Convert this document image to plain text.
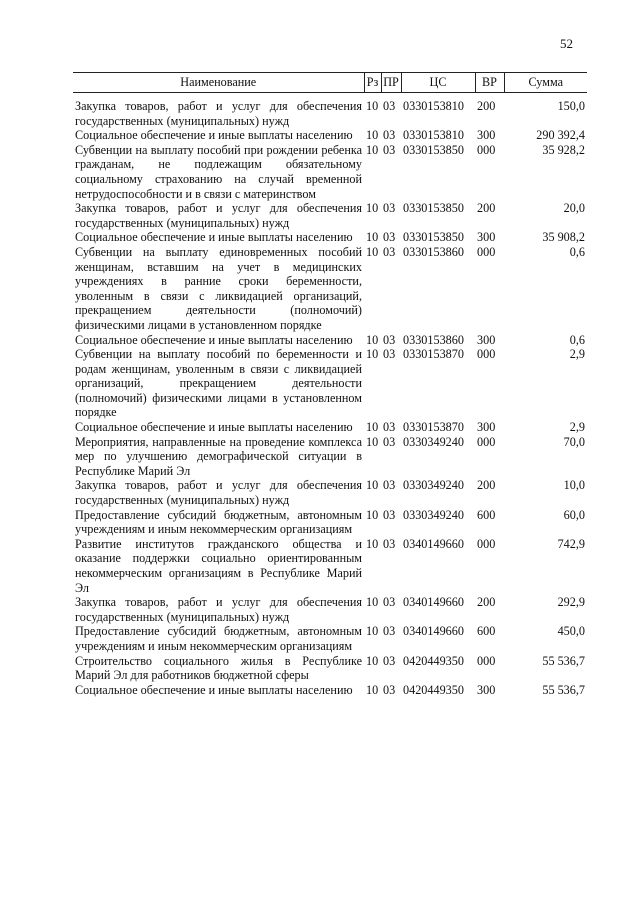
52
Наименование	Рз	ПР	ЦС	ВР	Сумма
Закупка товаров, работ и услуг для обеспечения государственных (муниципальных) нужд	10	03	0330153810	200	150,0
Социальное обеспечение и иные выплаты населению	10	03	0330153810	300	290 392,4
Субвенции на выплату пособий при рождении ребенка гражданам, не подлежащим обязательному социальному страхованию на случай временной нетрудоспособности и в связи с материнством	10	03	0330153850	000	35 928,2
Закупка товаров, работ и услуг для обеспечения государственных (муниципальных) нужд	10	03	0330153850	200	20,0
Социальное обеспечение и иные выплаты населению	10	03	0330153850	300	35 908,2
Субвенции на выплату единовременных пособий женщинам, вставшим на учет в медицинских учреждениях в ранние сроки беременности, уволенным в связи с ликвидацией организаций, прекращением деятельности (полномочий) физическими лицами в установленном порядке	10	03	0330153860	000	0,6
Социальное обеспечение и иные выплаты населению	10	03	0330153860	300	0,6
Субвенции на выплату пособий по беременности и родам женщинам, уволенным в связи с ликвидацией организаций, прекращением деятельности (полномочий) физическими лицами в установленном порядке	10	03	0330153870	000	2,9
Социальное обеспечение и иные выплаты населению	10	03	0330153870	300	2,9
Мероприятия, направленные на проведение комплекса мер по улучшению демографической ситуации в Республике Марий Эл	10	03	0330349240	000	70,0
Закупка товаров, работ и услуг для обеспечения государственных (муниципальных) нужд	10	03	0330349240	200	10,0
Предоставление субсидий бюджетным, автономным учреждениям и иным некоммерческим организациям	10	03	0330349240	600	60,0
Развитие институтов гражданского общества и оказание поддержки социально ориентированным некоммерческим организациям в Республике Марий Эл	10	03	0340149660	000	742,9
Закупка товаров, работ и услуг для обеспечения государственных (муниципальных) нужд	10	03	0340149660	200	292,9
Предоставление субсидий бюджетным, автономным учреждениям и иным некоммерческим организациям	10	03	0340149660	600	450,0
Строительство социального жилья в Республике Марий Эл для работников бюджетной сферы	10	03	0420449350	000	55 536,7
Социальное обеспечение и иные выплаты населению	10	03	0420449350	300	55 536,7
